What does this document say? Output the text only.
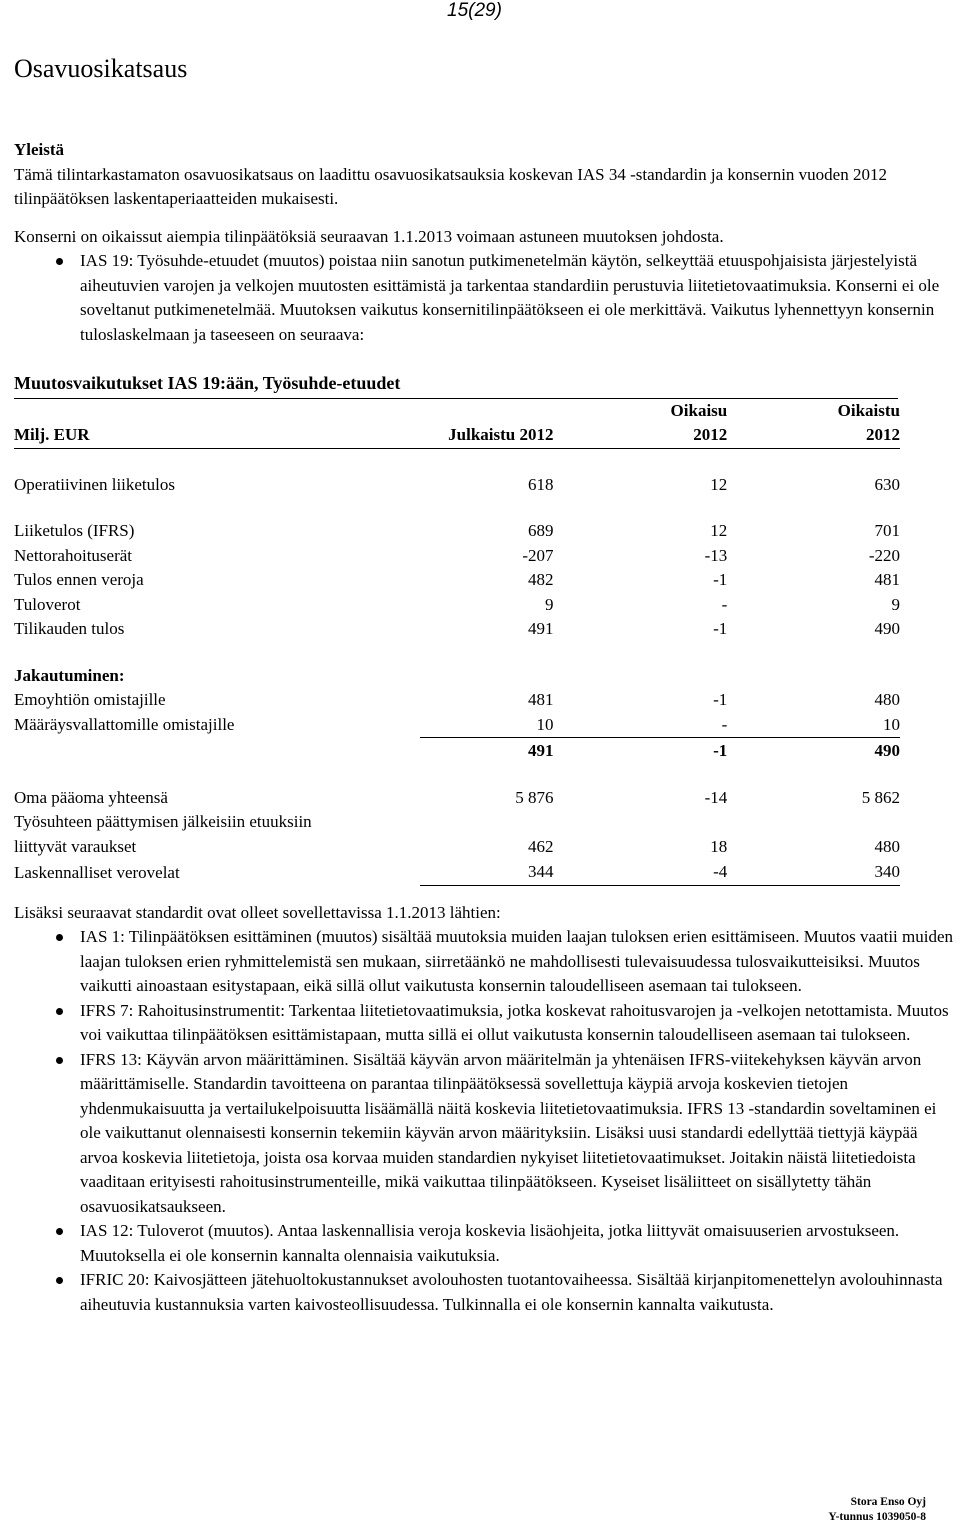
15(29)
Osavuosikatsaus
Yleistä
Tämä tilintarkastamaton osavuosikatsaus on laadittu osavuosikatsauksia koskevan IAS 34 -standardin ja konsernin vuoden 2012 tilinpäätöksen laskentaperiaatteiden mukaisesti.
Konserni on oikaissut aiempia tilinpäätöksiä seuraavan 1.1.2013 voimaan astuneen muutoksen johdosta.
IAS 19: Työsuhde-etuudet (muutos) poistaa niin sanotun putkimenetelmän käytön, selkeyttää etuuspohjaisista järjestelyistä aiheutuvien varojen ja velkojen muutosten esittämistä ja tarkentaa standardiin perustuvia liitetietovaatimuksia. Konserni ei ole soveltanut putkimenetelmää. Muutoksen vaikutus konsernitilinpäätökseen ei ole merkittävä. Vaikutus lyhennettyyn konsernin tuloslaskelmaan ja taseeseen on seuraava:
Muutosvaikutukset IAS 19:ään, Työsuhde-etuudet
		Oikaisu	Oikaistu
Milj. EUR	Julkaistu 2012	2012	2012

Operatiivinen liiketulos	618	12	630

Liiketulos (IFRS)	689	12	701
Nettorahoituserät	-207	-13	-220
Tulos ennen veroja	482	-1	481
Tuloverot	9	-	9
Tilikauden tulos	491	-1	490

Jakautuminen:			
Emoyhtiön omistajille	481	-1	480
Määräysvallattomille omistajille	10	-	10
	491	-1	490

Oma pääoma yhteensä	5 876	-14	5 862
Työsuhteen päättymisen jälkeisiin etuuksiin			
liittyvät varaukset	462	18	480
Laskennalliset verovelat	344	-4	340
Lisäksi seuraavat standardit ovat olleet sovellettavissa 1.1.2013 lähtien:
IAS 1: Tilinpäätöksen esittäminen (muutos) sisältää muutoksia muiden laajan tuloksen erien esittämiseen. Muutos vaatii muiden laajan tuloksen erien ryhmittelemistä sen mukaan, siirretäänkö ne mahdollisesti tulevaisuudessa tulosvaikutteisiksi. Muutos vaikutti ainoastaan esitystapaan, eikä sillä ollut vaikutusta konsernin taloudelliseen asemaan tai tulokseen.
IFRS 7: Rahoitusinstrumentit: Tarkentaa liitetietovaatimuksia, jotka koskevat rahoitusvarojen ja -velkojen netottamista. Muutos voi vaikuttaa tilinpäätöksen esittämistapaan, mutta sillä ei ollut vaikutusta konsernin taloudelliseen asemaan tai tulokseen.
IFRS 13: Käyvän arvon määrittäminen. Sisältää käyvän arvon määritelmän ja yhtenäisen IFRS-viitekehyksen käyvän arvon määrittämiselle. Standardin tavoitteena on parantaa tilinpäätöksessä sovellettuja käypiä arvoja koskevien tietojen yhdenmukaisuutta ja vertailukelpoisuutta lisäämällä näitä koskevia liitetietovaatimuksia. IFRS 13 -standardin soveltaminen ei ole vaikuttanut olennaisesti konsernin tekemiin käyvän arvon määrityksiin. Lisäksi uusi standardi edellyttää tiettyjä käypää arvoa koskevia liitetietoja, joista osa korvaa muiden standardien nykyiset liitetietovaatimukset. Joitakin näistä liitetiedoista vaaditaan erityisesti rahoitusinstrumenteille, mikä vaikuttaa tilinpäätökseen. Kyseiset lisäliitteet on sisällytetty tähän osavuosikatsaukseen.
IAS 12: Tuloverot (muutos). Antaa laskennallisia veroja koskevia lisäohjeita, jotka liittyvät omaisuuserien arvostukseen. Muutoksella ei ole konsernin kannalta olennaisia vaikutuksia.
IFRIC 20: Kaivosjätteen jätehuoltokustannukset avolouhosten tuotantovaiheessa. Sisältää kirjanpitomenettelyn avolouhinnasta aiheutuvia kustannuksia varten kaivosteollisuudessa. Tulkinnalla ei ole konsernin kannalta vaikutusta.
Stora Enso Oyj
Y-tunnus 1039050-8
